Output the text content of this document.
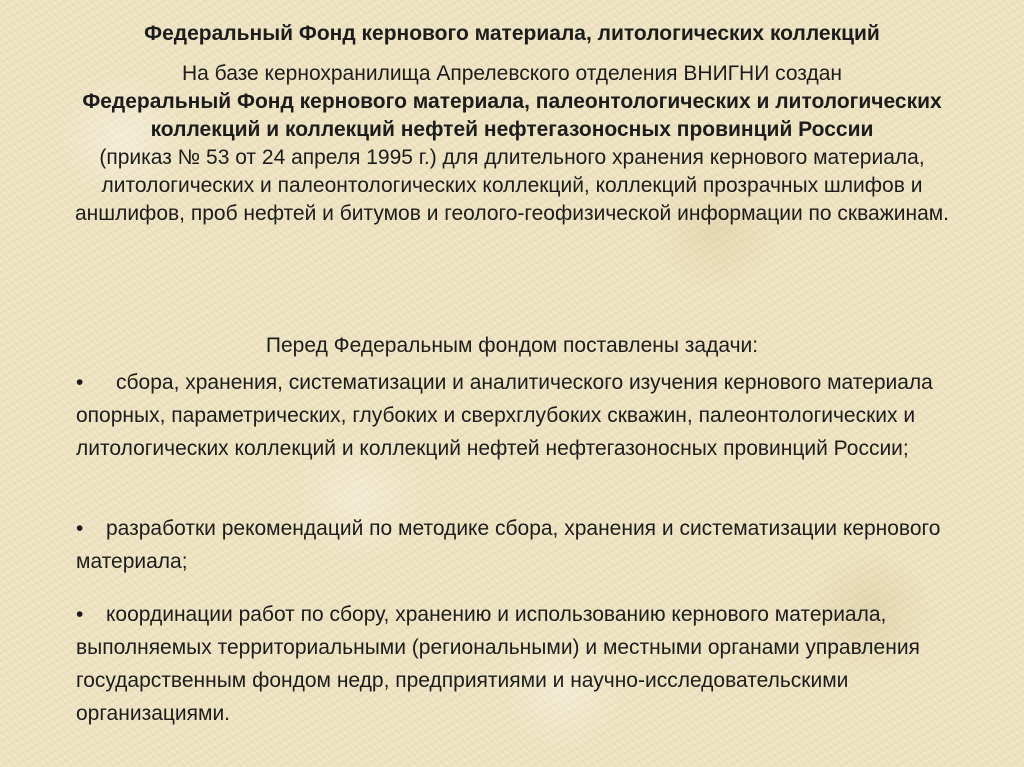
Федеральный Фонд кернового материала, литологических коллекций
На базе кернохранилища Апрелевского отделения ВНИГНИ создан
Федеральный Фонд кернового материала, палеонтологических и литологических коллекций и коллекций нефтей нефтегазоносных провинций России
(приказ № 53 от 24 апреля 1995 г.) для длительного хранения кернового материала, литологических и палеонтологических коллекций, коллекций прозрачных шлифов и аншлифов, проб нефтей и битумов и геолого-геофизической информации по скважинам.

Перед Федеральным фондом поставлены задачи:

• сбора, хранения, систематизации и аналитического изучения кернового материала опорных, параметрических, глубоких и сверхглубоких скважин, палеонтологических и литологических коллекций и коллекций нефтей нефтегазоносных провинций России;

• разработки рекомендаций по методике сбора, хранения и систематизации кернового материала;

• координации работ по сбору, хранению и использованию кернового материала, выполняемых территориальными (региональными) и местными органами управления государственным фондом недр, предприятиями и научно-исследовательскими организациями.
